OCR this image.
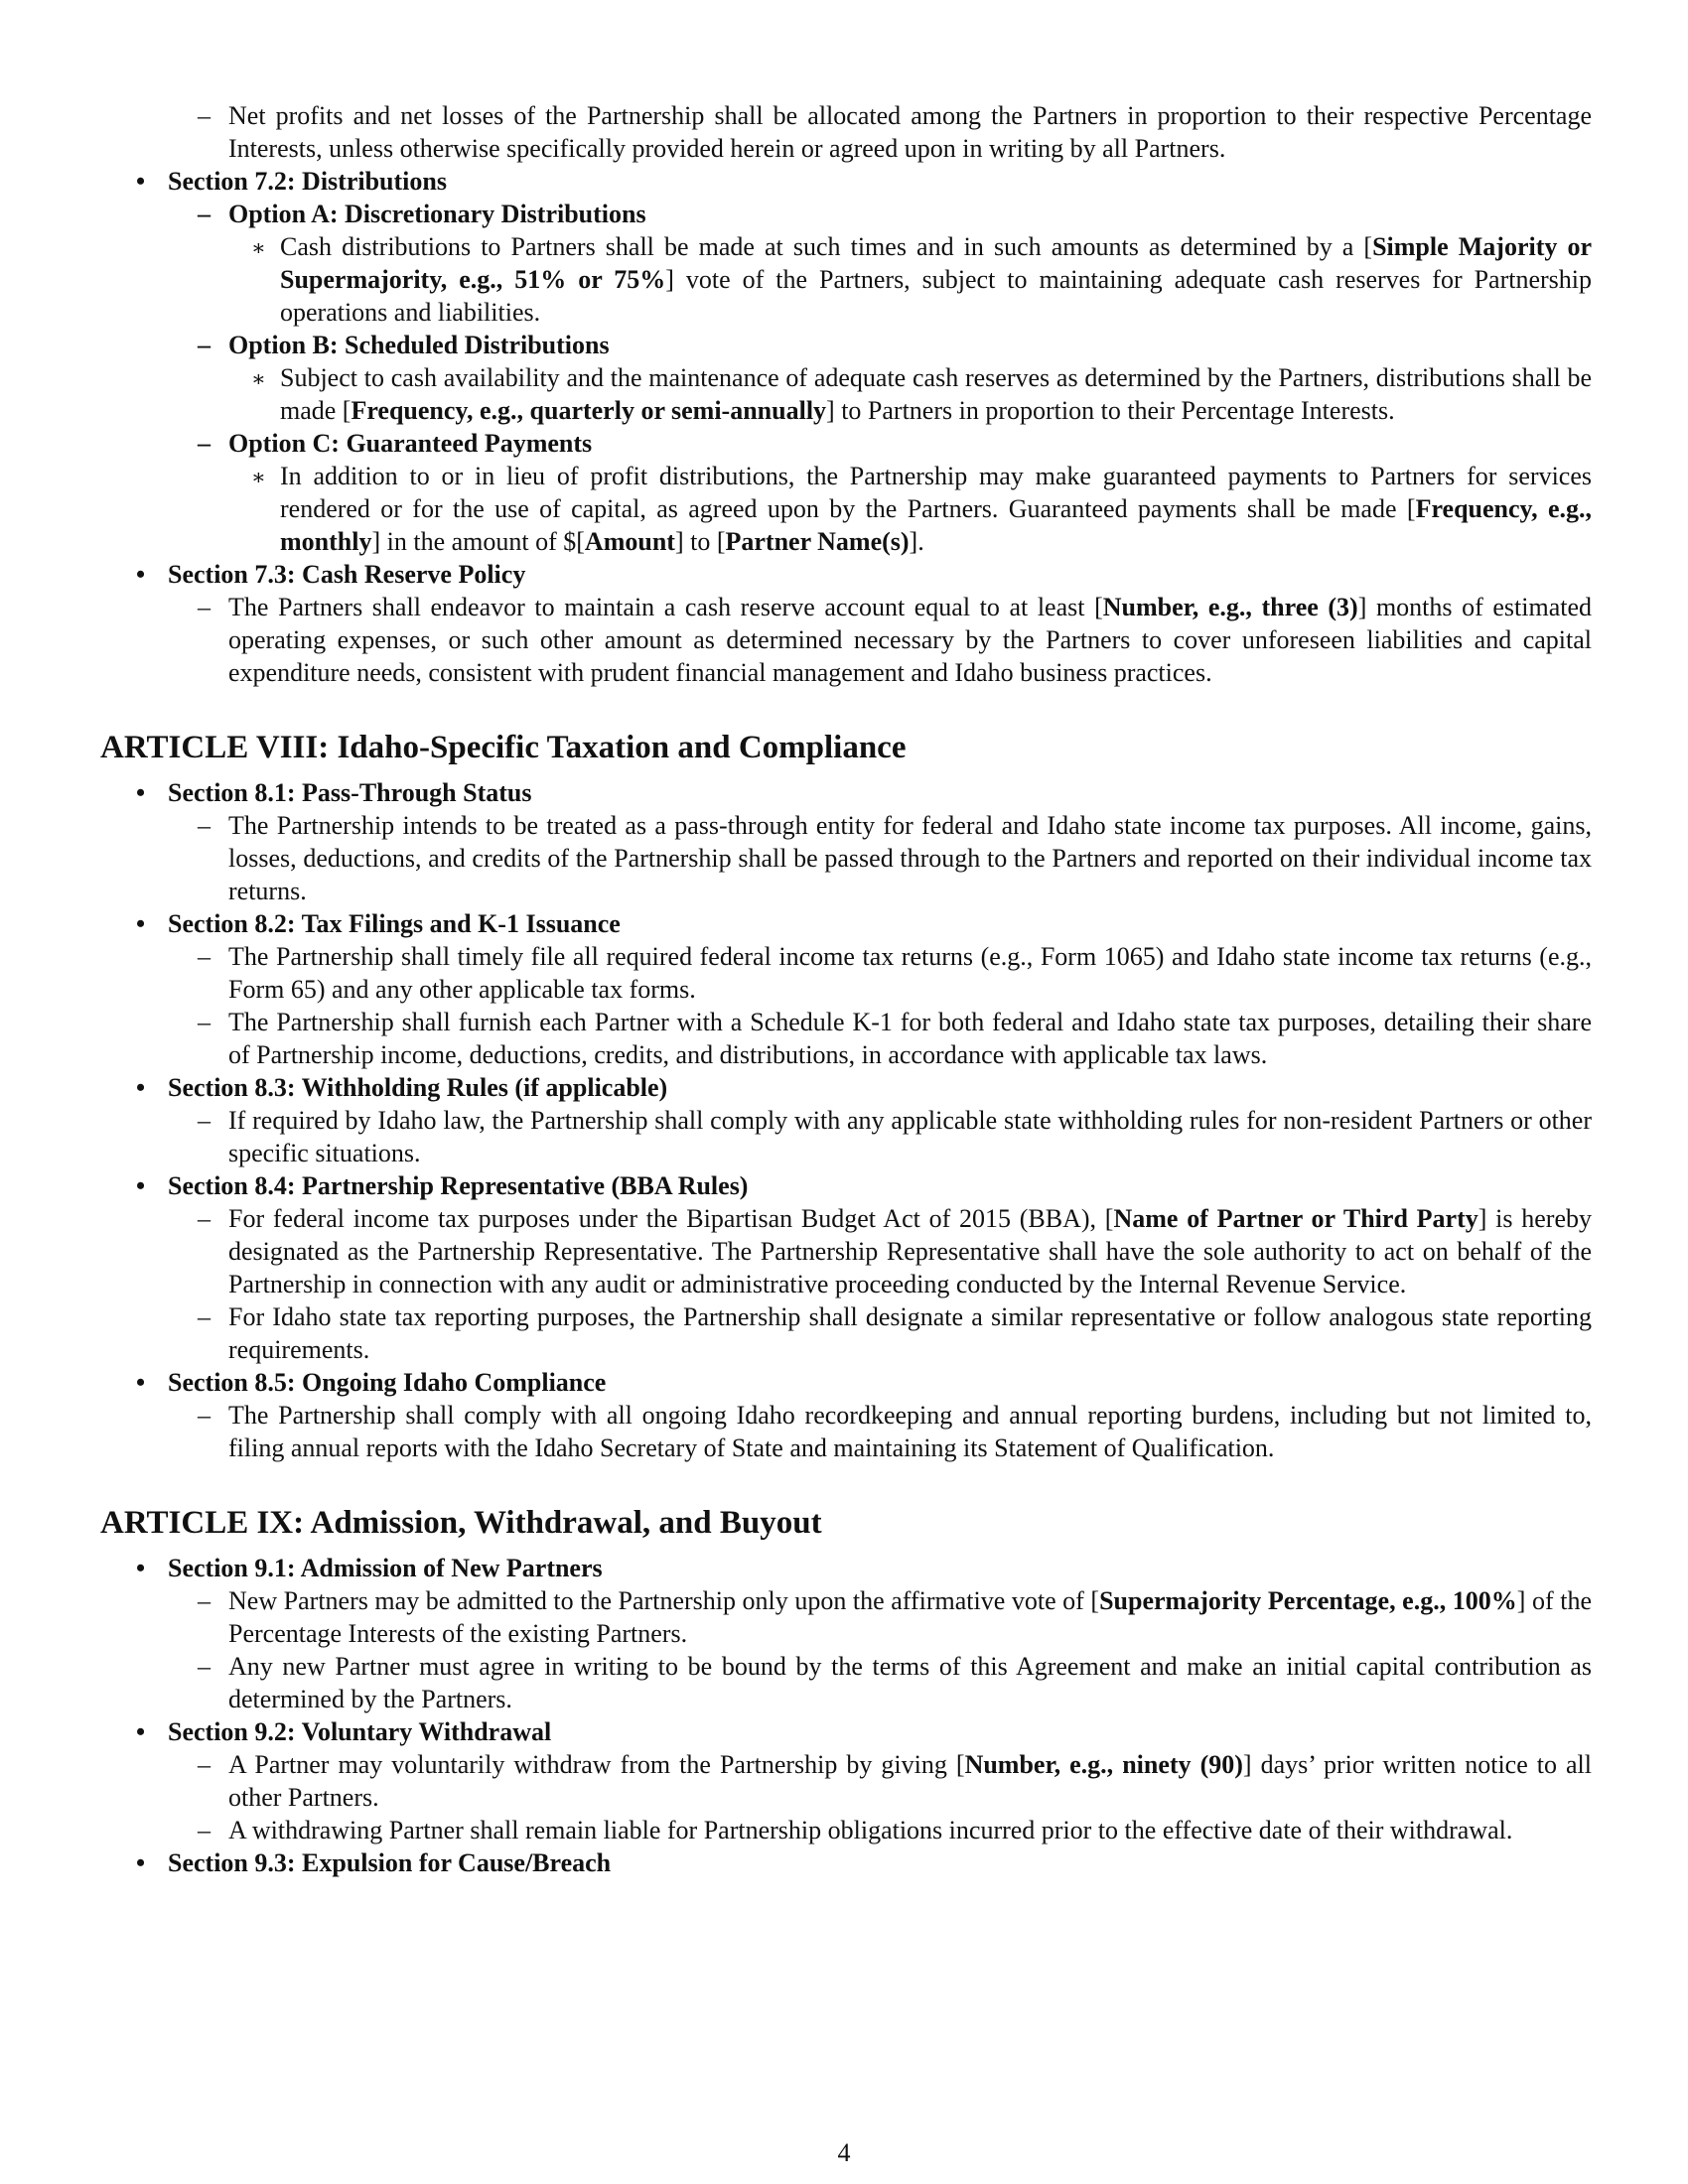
– Net profits and net losses of the Partnership shall be allocated among the Partners in proportion to their respective Percentage Interests, unless otherwise specifically provided herein or agreed upon in writing by all Partners.
• Section 7.2: Distributions
– Option A: Discretionary Distributions
∗ Cash distributions to Partners shall be made at such times and in such amounts as determined by a [Simple Majority or Supermajority, e.g., 51% or 75%] vote of the Partners, subject to maintaining adequate cash reserves for Partnership operations and liabilities.
– Option B: Scheduled Distributions
∗ Subject to cash availability and the maintenance of adequate cash reserves as determined by the Partners, distributions shall be made [Frequency, e.g., quarterly or semi-annually] to Partners in proportion to their Percentage Interests.
– Option C: Guaranteed Payments
∗ In addition to or in lieu of profit distributions, the Partnership may make guaranteed payments to Partners for services rendered or for the use of capital, as agreed upon by the Partners. Guaranteed payments shall be made [Frequency, e.g., monthly] in the amount of $[Amount] to [Partner Name(s)].
• Section 7.3: Cash Reserve Policy
– The Partners shall endeavor to maintain a cash reserve account equal to at least [Number, e.g., three (3)] months of estimated operating expenses, or such other amount as determined necessary by the Partners to cover unforeseen liabilities and capital expenditure needs, consistent with prudent financial management and Idaho business practices.
ARTICLE VIII: Idaho-Specific Taxation and Compliance
• Section 8.1: Pass-Through Status
– The Partnership intends to be treated as a pass-through entity for federal and Idaho state income tax purposes. All income, gains, losses, deductions, and credits of the Partnership shall be passed through to the Partners and reported on their individual income tax returns.
• Section 8.2: Tax Filings and K-1 Issuance
– The Partnership shall timely file all required federal income tax returns (e.g., Form 1065) and Idaho state income tax returns (e.g., Form 65) and any other applicable tax forms.
– The Partnership shall furnish each Partner with a Schedule K-1 for both federal and Idaho state tax purposes, detailing their share of Partnership income, deductions, credits, and distributions, in accordance with applicable tax laws.
• Section 8.3: Withholding Rules (if applicable)
– If required by Idaho law, the Partnership shall comply with any applicable state withholding rules for non-resident Partners or other specific situations.
• Section 8.4: Partnership Representative (BBA Rules)
– For federal income tax purposes under the Bipartisan Budget Act of 2015 (BBA), [Name of Partner or Third Party] is hereby designated as the Partnership Representative. The Partnership Representative shall have the sole authority to act on behalf of the Partnership in connection with any audit or administrative proceeding conducted by the Internal Revenue Service.
– For Idaho state tax reporting purposes, the Partnership shall designate a similar representative or follow analogous state reporting requirements.
• Section 8.5: Ongoing Idaho Compliance
– The Partnership shall comply with all ongoing Idaho recordkeeping and annual reporting burdens, including but not limited to, filing annual reports with the Idaho Secretary of State and maintaining its Statement of Qualification.
ARTICLE IX: Admission, Withdrawal, and Buyout
• Section 9.1: Admission of New Partners
– New Partners may be admitted to the Partnership only upon the affirmative vote of [Supermajority Percentage, e.g., 100%] of the Percentage Interests of the existing Partners.
– Any new Partner must agree in writing to be bound by the terms of this Agreement and make an initial capital contribution as determined by the Partners.
• Section 9.2: Voluntary Withdrawal
– A Partner may voluntarily withdraw from the Partnership by giving [Number, e.g., ninety (90)] days’ prior written notice to all other Partners.
– A withdrawing Partner shall remain liable for Partnership obligations incurred prior to the effective date of their withdrawal.
• Section 9.3: Expulsion for Cause/Breach
4
